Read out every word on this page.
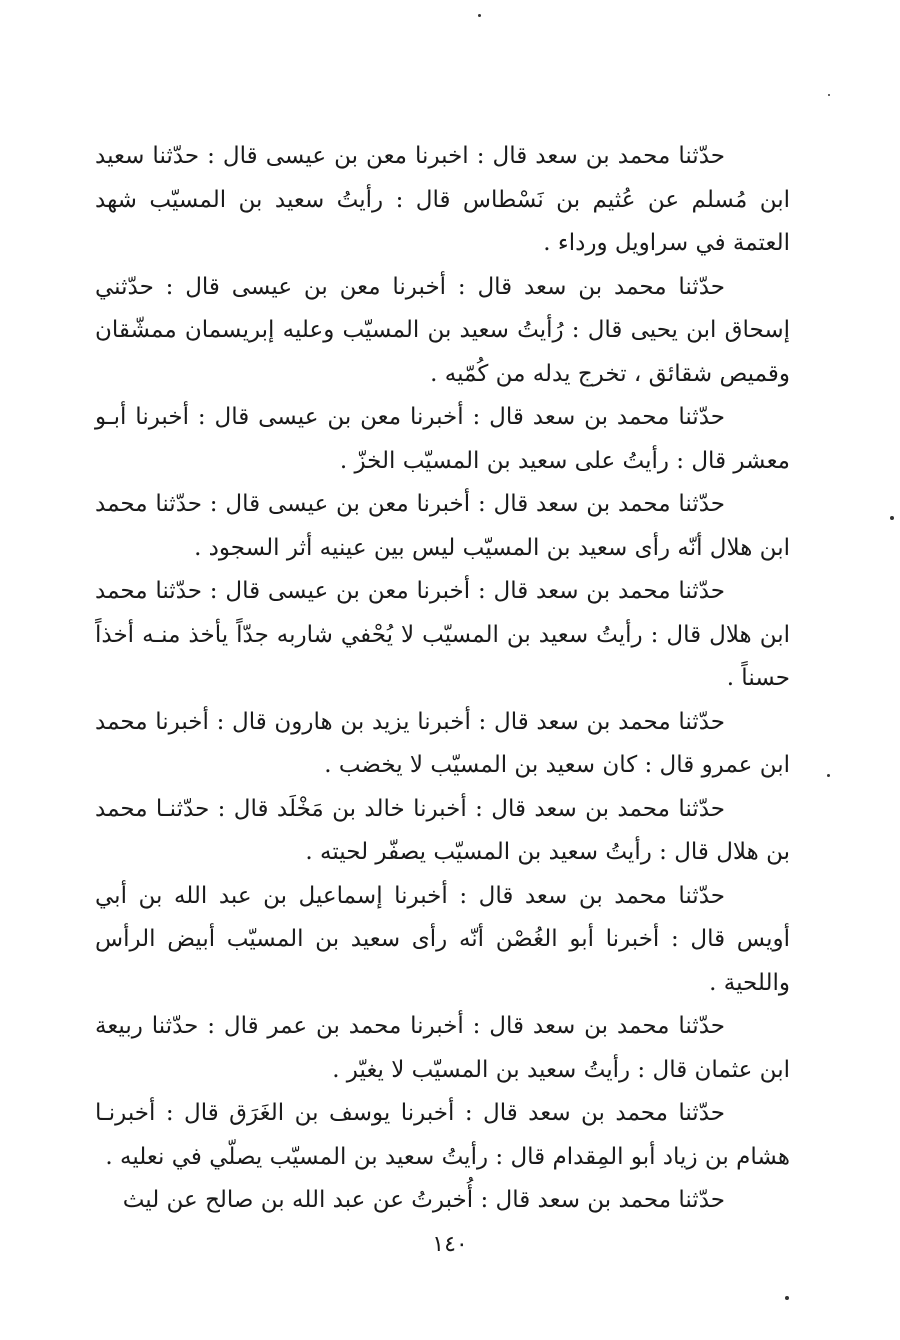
حدّثنا محمد بن سعد قال : اخبرنا معن بن عيسى قال : حدّثنا سعيد ابن مُسلم عن عُثيم بن نَسْطاس قال : رأيتُ سعيد بن المسيّب شهد العتمة في سراويل ورداء .

حدّثنا محمد بن سعد قال : أخبرنا معن بن عيسى قال : حدّثني إسحاق ابن يحيى قال : رُأيتُ سعيد بن المسيّب وعليه إبريسمان ممشّقان وقميص شقائق ، تخرج يدله من كُمّيه .

حدّثنا محمد بن سعد قال : أخبرنا معن بن عيسى قال : أخبرنا أبـو معشر قال : رأيتُ على سعيد بن المسيّب الخزّ .

حدّثنا محمد بن سعد قال : أخبرنا معن بن عيسى قال : حدّثنا محمد ابن هلال أنّه رأى سعيد بن المسيّب ليس بين عينيه أثر السجود .

حدّثنا محمد بن سعد قال : أخبرنا معن بن عيسى قال : حدّثنا محمد ابن هلال قال : رأيتُ سعيد بن المسيّب لا يُحْفي شاربه جدّاً يأخذ منـه أخذاً حسناً .

حدّثنا محمد بن سعد قال : أخبرنا يزيد بن هارون قال : أخبرنا محمد ابن عمرو قال : كان سعيد بن المسيّب لا يخضب .

حدّثنا محمد بن سعد قال : أخبرنا خالد بن مَخْلَد قال : حدّثنـا محمد بن هلال قال : رأيتُ سعيد بن المسيّب يصفّر لحيته .

حدّثنا محمد بن سعد قال : أخبرنا إسماعيل بن عبد الله بن أبي أويس قال : أخبرنا أبو الغُصْن أنّه رأى سعيد بن المسيّب أبيض الرأس واللحية .

حدّثنا محمد بن سعد قال : أخبرنا محمد بن عمر قال : حدّثنا ربيعة ابن عثمان قال : رأيتُ سعيد بن المسيّب لا يغيّر .

حدّثنا محمد بن سعد قال : أخبرنا يوسف بن الغَرَق قال : أخبرنـا هشام بن زياد أبو المِقدام قال : رأيتُ سعيد بن المسيّب يصلّي في نعليه .

حدّثنا محمد بن سعد قال : أُخبرتُ عن عبد الله بن صالح عن ليث

١٤٠
